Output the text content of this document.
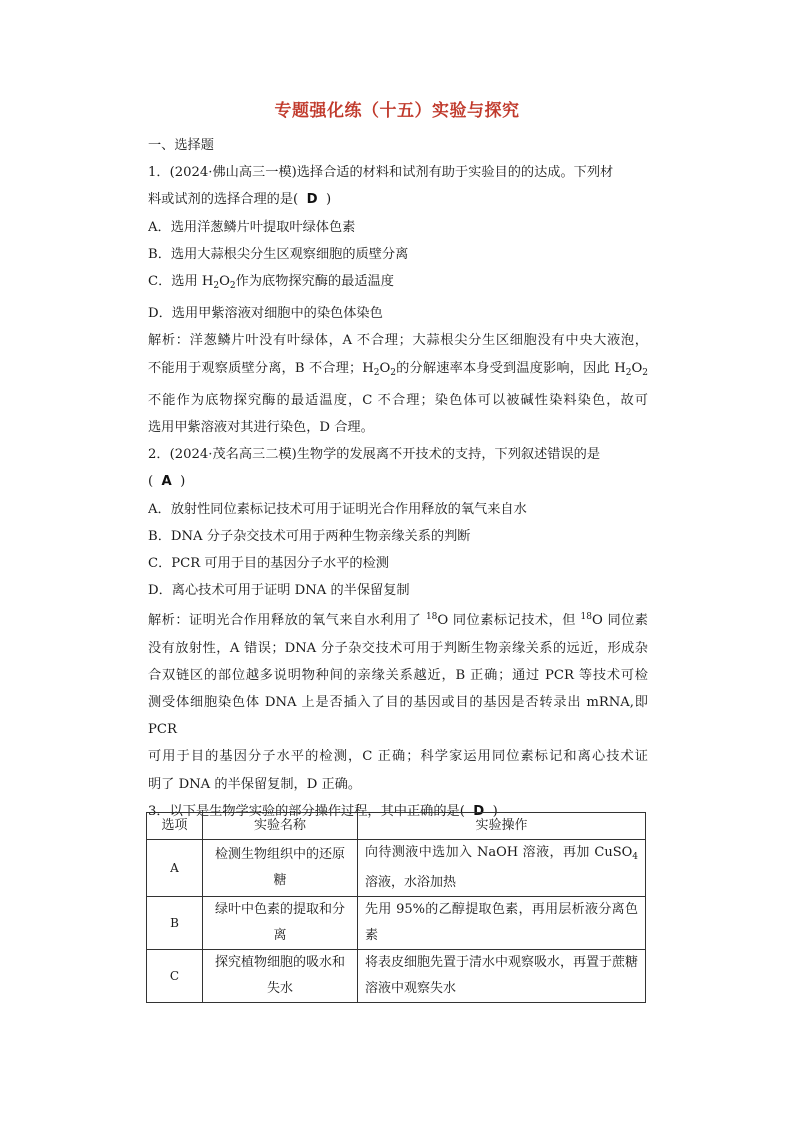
专题强化练（十五）实验与探究
一、选择题
1．(2024·佛山高三一模)选择合适的材料和试剂有助于实验目的的达成。下列材
料或试剂的选择合理的是( D )
A．选用洋葱鳞片叶提取叶绿体色素
B．选用大蒜根尖分生区观察细胞的质壁分离
C．选用 $H_2O_2$作为底物探究酶的最适温度
D．选用甲紫溶液对细胞中的染色体染色
解析：洋葱鳞片叶没有叶绿体，A 不合理；大蒜根尖分生区细胞没有中央大液泡，
不能用于观察质壁分离，B 不合理；$H_2O_2$的分解速率本身受到温度影响，因此 $H_2O_2$
不能作为底物探究酶的最适温度，C 不合理；染色体可以被碱性染料染色，故可
选用甲紫溶液对其进行染色，D 合理。
2．(2024·茂名高三二模)生物学的发展离不开技术的支持，下列叙述错误的是
( A )
A．放射性同位素标记技术可用于证明光合作用释放的氧气来自水
B．DNA 分子杂交技术可用于两种生物亲缘关系的判断
C．PCR 可用于目的基因分子水平的检测
D．离心技术可用于证明 DNA 的半保留复制
解析：证明光合作用释放的氧气来自水利用了 $^{18}$O 同位素标记技术，但 $^{18}$O 同位素
没有放射性，A 错误；DNA 分子杂交技术可用于判断生物亲缘关系的远近，形成杂
合双链区的部位越多说明物种间的亲缘关系越近，B 正确；通过 PCR 等技术可检
测受体细胞染色体 DNA 上是否插入了目的基因或目的基因是否转录出 mRNA,即 PCR
可用于目的基因分子水平的检测，C 正确；科学家运用同位素标记和离心技术证
明了 DNA 的半保留复制，D 正确。
3．以下是生物学实验的部分操作过程，其中正确的是( D )
选项	实验名称	实验操作
A	检测生物组织中的还原糖	向待测液中选加入 NaOH 溶液，再加 CuSO$_4$溶液，水浴加热
B	绿叶中色素的提取和分离	先用 95%的乙醇提取色素，再用层析液分离色素
C	探究植物细胞的吸水和失水	将表皮细胞先置于清水中观察吸水，再置于蔗糖溶液中观察失水
